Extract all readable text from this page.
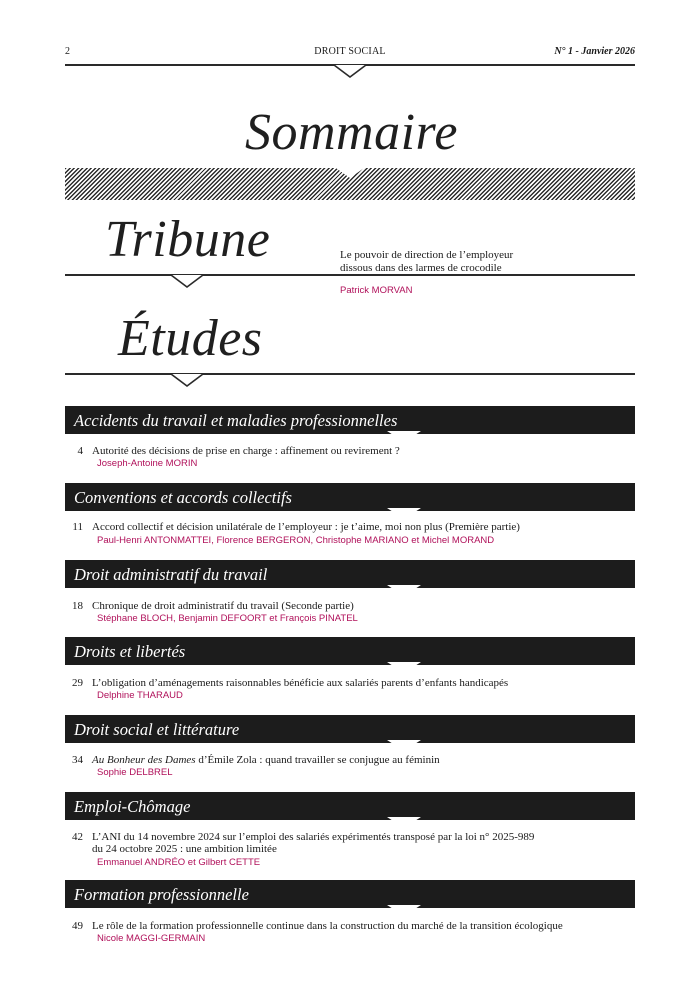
2	DROIT SOCIAL	N° 1 - Janvier 2026
Sommaire
Tribune	Le pouvoir de direction de l’employeur
dissous dans des larmes de crocodile
Patrick MORVAN
Études
Accidents du travail et maladies professionnelles
4 Autorité des décisions de prise en charge : affinement ou revirement ?
Joseph-Antoine MORIN
Conventions et accords collectifs
11 Accord collectif et décision unilatérale de l’employeur : je t’aime, moi non plus (Première partie)
Paul-Henri ANTONMATTEI, Florence BERGERON, Christophe MARIANO et Michel MORAND
Droit administratif du travail
18 Chronique de droit administratif du travail (Seconde partie)
Stéphane BLOCH, Benjamin DEFOORT et François PINATEL
Droits et libertés
29 L’obligation d’aménagements raisonnables bénéficie aux salariés parents d’enfants handicapés
Delphine THARAUD
Droit social et littérature
34 Au Bonheur des Dames d’Émile Zola : quand travailler se conjugue au féminin
Sophie DELBREL
Emploi-Chômage
42 L’ANI du 14 novembre 2024 sur l’emploi des salariés expérimentés transposé par la loi n° 2025-989
du 24 octobre 2025 : une ambition limitée
Emmanuel ANDRÉO et Gilbert CETTE
Formation professionnelle
49 Le rôle de la formation professionnelle continue dans la construction du marché de la transition écologique
Nicole MAGGI-GERMAIN
